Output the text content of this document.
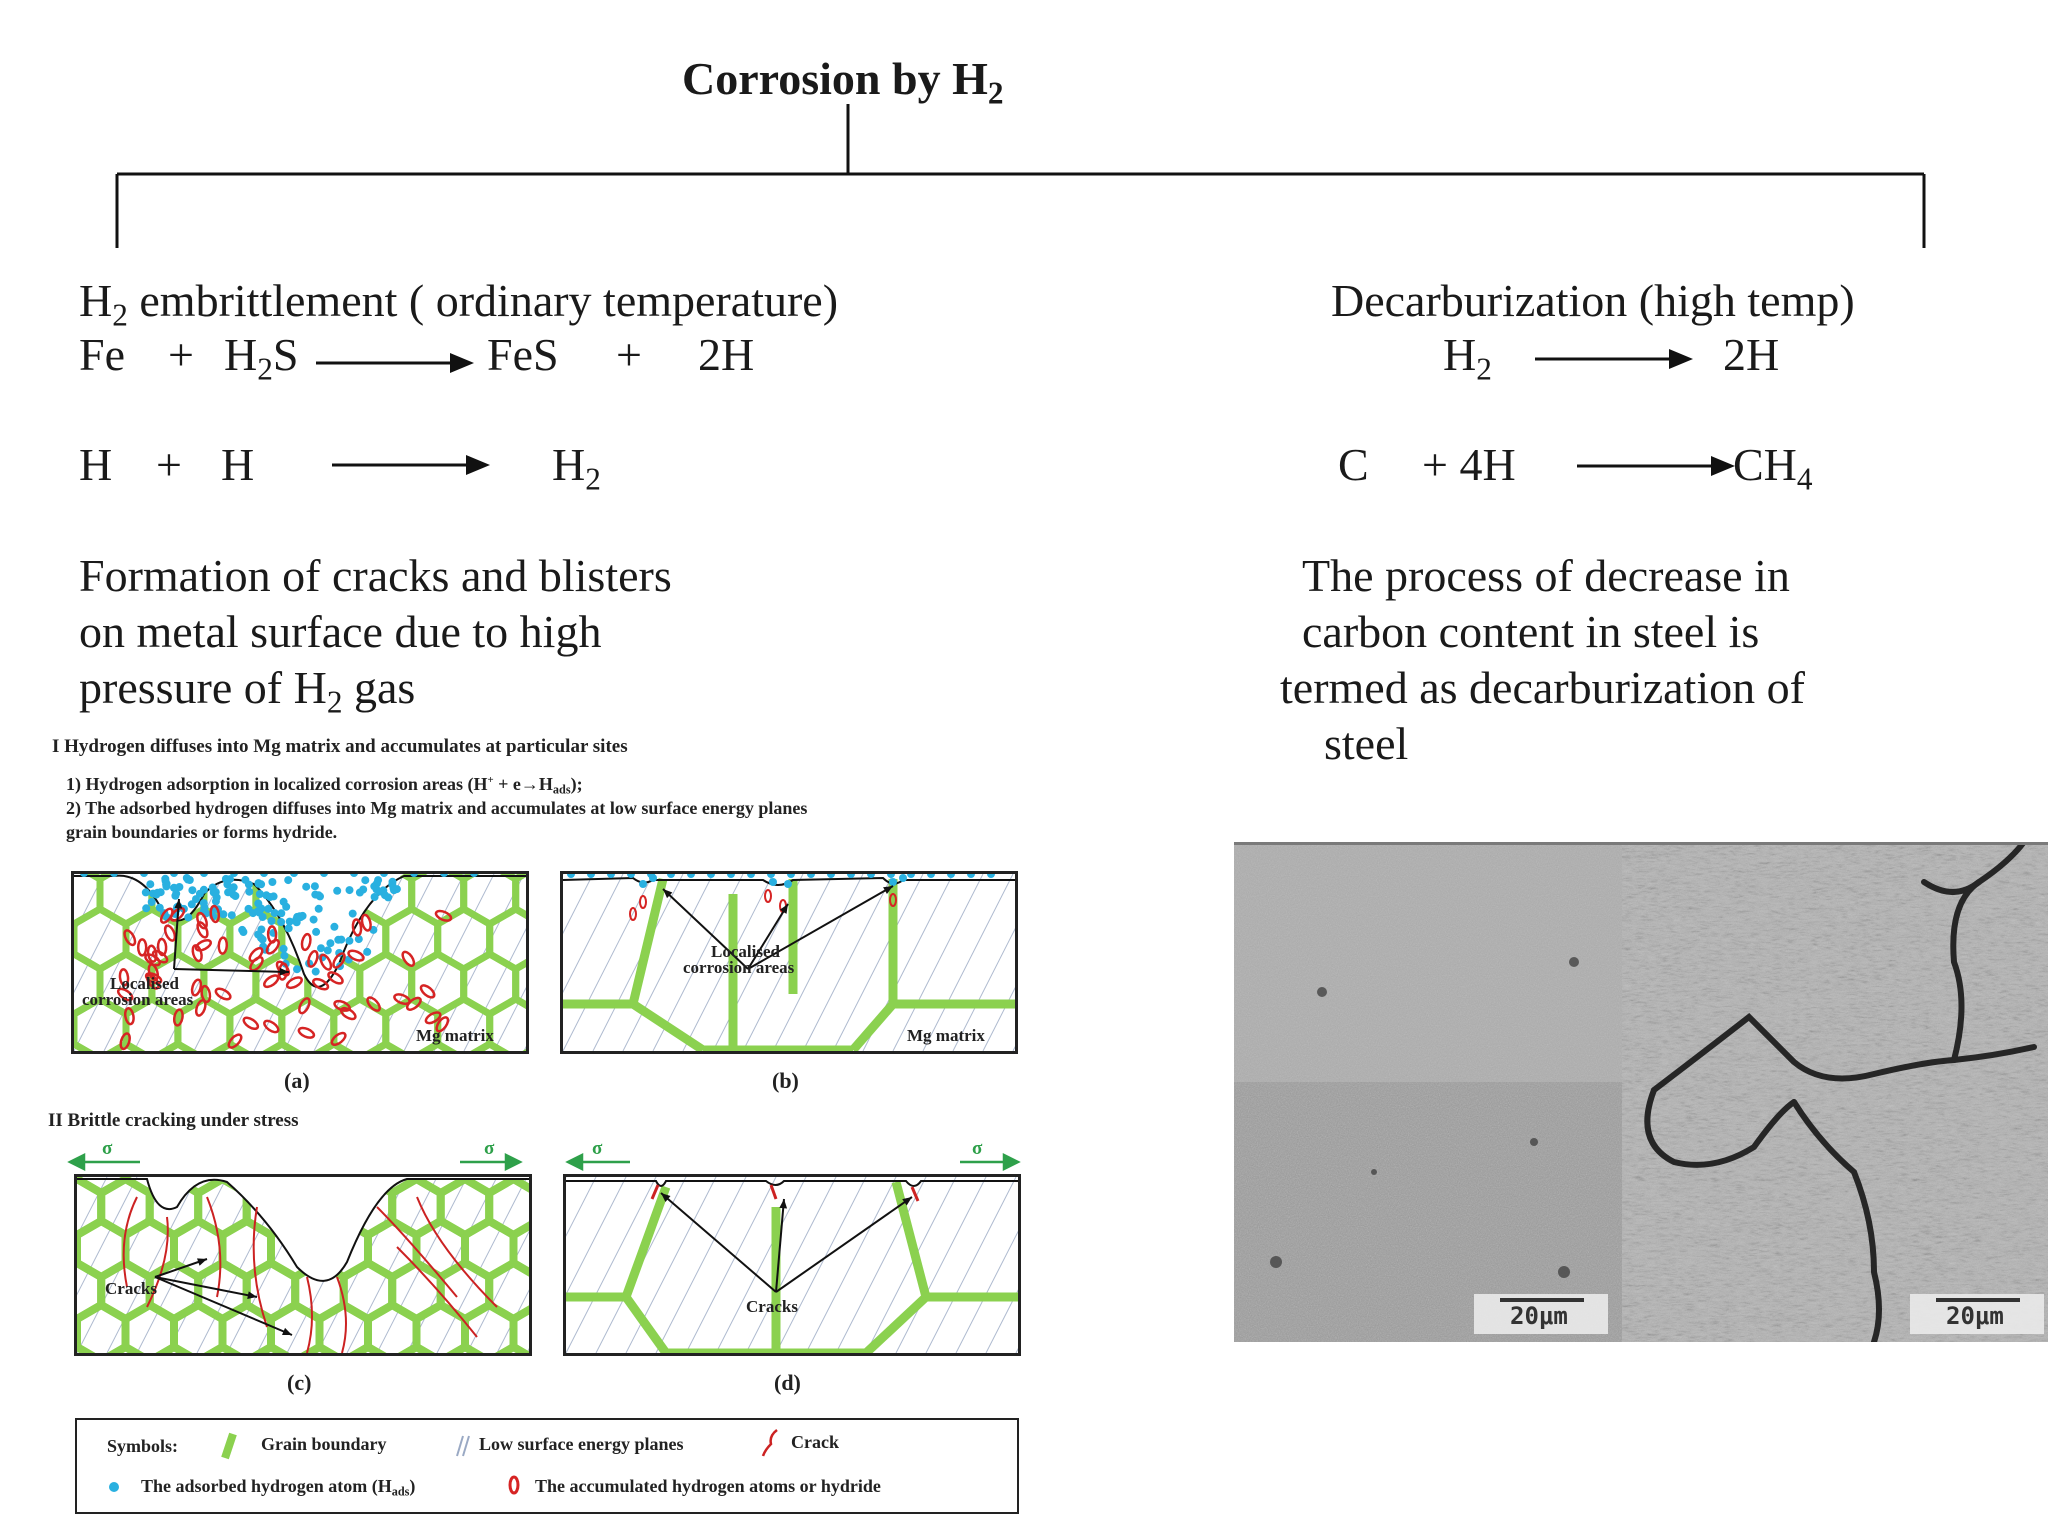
Corrosion by $H_2$
$H_2$ embrittlement ( ordinary temperature)
$Fe + H_2S$	FeS + 2H
H + H	$H_2$
Formation of cracks and blisters
on metal surface due to high
pressure of $H_2$ gas
Decarburization (high temp)
$H_2$	2H
C + 4H	$CH_4$
The process of decrease in
carbon content in steel is
termed as decarburization of
steel
I Hydrogen diffuses into Mg matrix and accumulates at particular sites
1) Hydrogen adsorption in localized corrosion areas $(H^+ + e\to H_{ads})$;
2) The adsorbed hydrogen diffuses into Mg matrix and accumulates at low surface energy planes
grain boundaries or forms hydride.
Localised
corrosion areas
Mg matrix
(a)
Localised
corrosion areas
Mg matrix
(b)
II Brittle cracking under stress
σ	σ	σ	σ
Cracks
(c)
Cracks
(d)
Symbols:	Grain boundary	Low surface energy planes	Crack
The adsorbed hydrogen atom $(H_{ads})$	The accumulated hydrogen atoms or hydride
20μm	20μm
